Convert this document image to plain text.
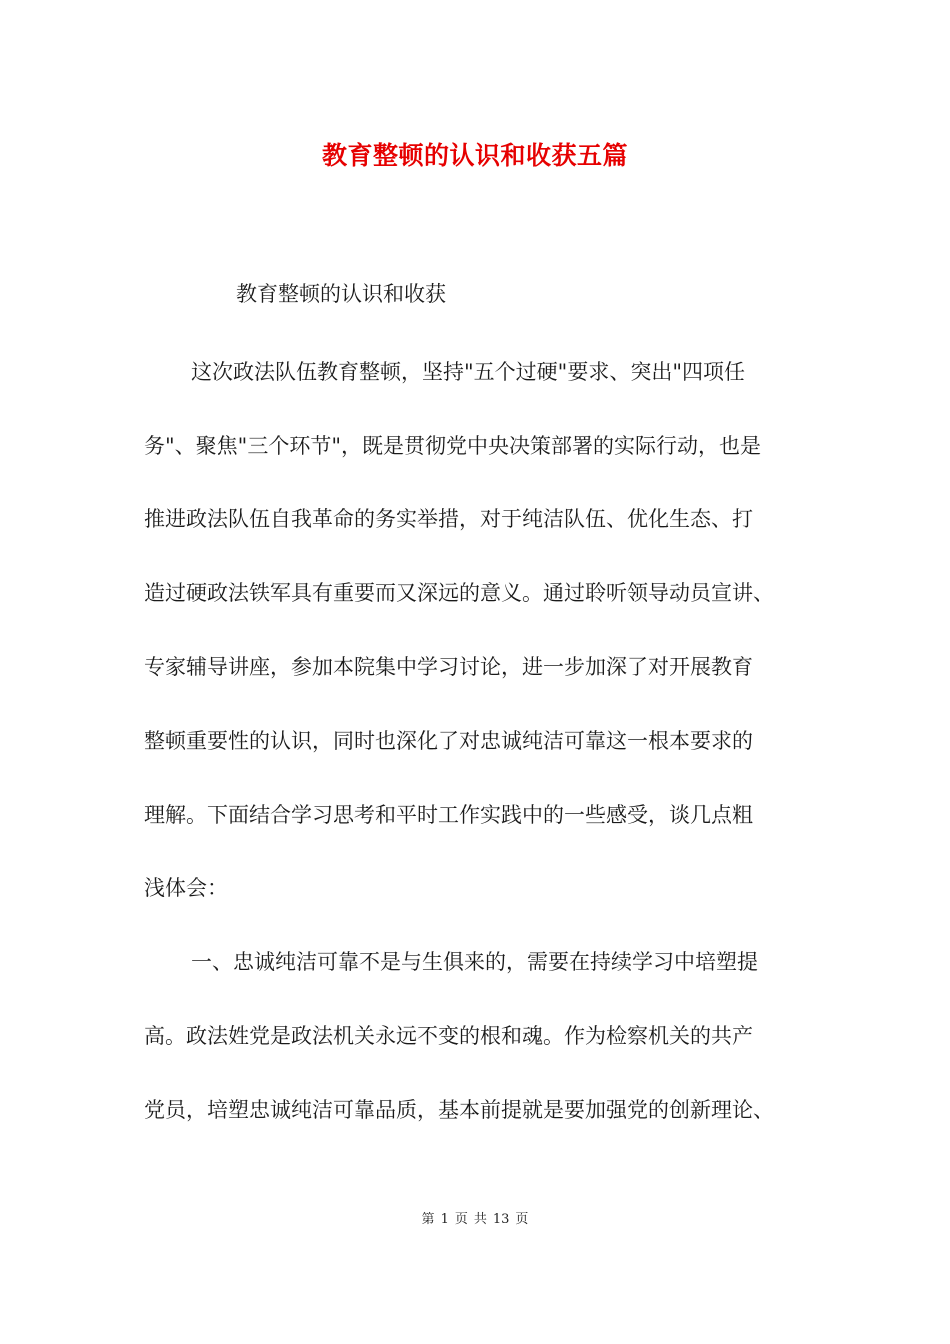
教育整顿的认识和收获五篇

教育整顿的认识和收获

这次政法队伍教育整顿，坚持"五个过硬"要求、突出"四项任

务"、聚焦"三个环节"，既是贯彻党中央决策部署的实际行动，也是

推进政法队伍自我革命的务实举措，对于纯洁队伍、优化生态、打

造过硬政法铁军具有重要而又深远的意义。通过聆听领导动员宣讲、

专家辅导讲座，参加本院集中学习讨论，进一步加深了对开展教育

整顿重要性的认识，同时也深化了对忠诚纯洁可靠这一根本要求的

理解。下面结合学习思考和平时工作实践中的一些感受，谈几点粗

浅体会：

一、忠诚纯洁可靠不是与生俱来的，需要在持续学习中培塑提

高。政法姓党是政法机关永远不变的根和魂。作为检察机关的共产

党员，培塑忠诚纯洁可靠品质，基本前提就是要加强党的创新理论、

第 1 页 共 13 页
